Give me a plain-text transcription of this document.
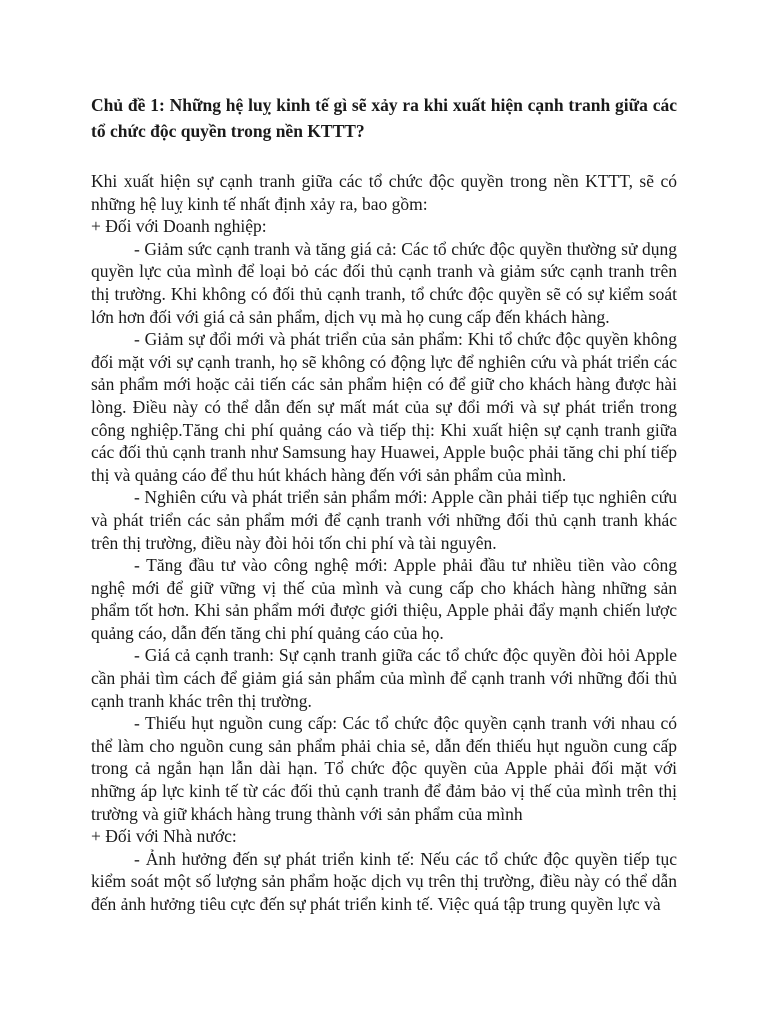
Chủ đề 1: Những hệ luỵ kinh tế gì sẽ xảy ra khi xuất hiện cạnh tranh giữa các tổ chức độc quyền trong nền KTTT?

Khi xuất hiện sự cạnh tranh giữa các tổ chức độc quyền trong nền KTTT, sẽ có những hệ luỵ kinh tế nhất định xảy ra, bao gồm:

+ Đối với Doanh nghiệp:

- Giảm sức cạnh tranh và tăng giá cả: Các tổ chức độc quyền thường sử dụng quyền lực của mình để loại bỏ các đối thủ cạnh tranh và giảm sức cạnh tranh trên thị trường. Khi không có đối thủ cạnh tranh, tổ chức độc quyền sẽ có sự kiểm soát lớn hơn đối với giá cả sản phẩm, dịch vụ mà họ cung cấp đến khách hàng.

- Giảm sự đổi mới và phát triển của sản phẩm: Khi tổ chức độc quyền không đối mặt với sự cạnh tranh, họ sẽ không có động lực để nghiên cứu và phát triển các sản phẩm mới hoặc cải tiến các sản phẩm hiện có để giữ cho khách hàng được hài lòng. Điều này có thể dẫn đến sự mất mát của sự đổi mới và sự phát triển trong công nghiệp.Tăng chi phí quảng cáo và tiếp thị: Khi xuất hiện sự cạnh tranh giữa các đối thủ cạnh tranh như Samsung hay Huawei, Apple buộc phải tăng chi phí tiếp thị và quảng cáo để thu hút khách hàng đến với sản phẩm của mình.

- Nghiên cứu và phát triển sản phẩm mới: Apple cần phải tiếp tục nghiên cứu và phát triển các sản phẩm mới để cạnh tranh với những đối thủ cạnh tranh khác trên thị trường, điều này đòi hỏi tốn chi phí và tài nguyên.

- Tăng đầu tư vào công nghệ mới: Apple phải đầu tư nhiều tiền vào công nghệ mới để giữ vững vị thế của mình và cung cấp cho khách hàng những sản phẩm tốt hơn. Khi sản phẩm mới được giới thiệu, Apple phải đẩy mạnh chiến lược quảng cáo, dẫn đến tăng chi phí quảng cáo của họ.

- Giá cả cạnh tranh: Sự cạnh tranh giữa các tổ chức độc quyền đòi hỏi Apple cần phải tìm cách để giảm giá sản phẩm của mình để cạnh tranh với những đối thủ cạnh tranh khác trên thị trường.

- Thiếu hụt nguồn cung cấp: Các tổ chức độc quyền cạnh tranh với nhau có thể làm cho nguồn cung sản phẩm phải chia sẻ, dẫn đến thiếu hụt nguồn cung cấp trong cả ngắn hạn lẫn dài hạn. Tổ chức độc quyền của Apple phải đối mặt với những áp lực kinh tế từ các đối thủ cạnh tranh để đảm bảo vị thế của mình trên thị trường và giữ khách hàng trung thành với sản phẩm của mình

+ Đối với Nhà nước:

- Ảnh hưởng đến sự phát triển kinh tế: Nếu các tổ chức độc quyền tiếp tục kiểm soát một số lượng sản phẩm hoặc dịch vụ trên thị trường, điều này có thể dẫn đến ảnh hưởng tiêu cực đến sự phát triển kinh tế. Việc quá tập trung quyền lực và
